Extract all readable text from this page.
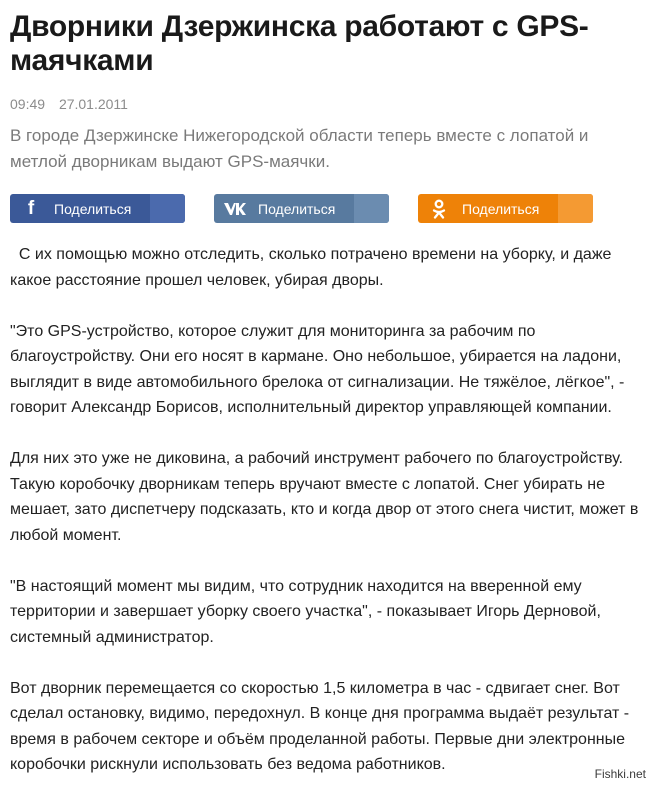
Дворники Дзержинска работают с GPS-маячками
09:49 27.01.2011
В городе Дзержинске Нижегородской области теперь вместе с лопатой и метлой дворникам выдают GPS-маячки.
f	Поделиться	Поделиться	Поделиться

С их помощью можно отследить, сколько потрачено времени на уборку, и даже какое расстояние прошел человек, убирая дворы.

"Это GPS-устройство, которое служит для мониторинга за рабочим по благоустройству. Они его носят в кармане. Оно небольшое, убирается на ладони, выглядит в виде автомобильного брелока от сигнализации. Не тяжёлое, лёгкое", - говорит Александр Борисов, исполнительный директор управляющей компании.

Для них это уже не диковина, а рабочий инструмент рабочего по благоустройству. Такую коробочку дворникам теперь вручают вместе с лопатой. Снег убирать не мешает, зато диспетчеру подсказать, кто и когда двор от этого снега чистит, может в любой момент.

"В настоящий момент мы видим, что сотрудник находится на вверенной ему территории и завершает уборку своего участка", - показывает Игорь Дерновой, системный администратор.

Вот дворник перемещается со скоростью 1,5 километра в час - сдвигает снег. Вот сделал остановку, видимо, передохнул. В конце дня программа выдаёт результат - время в рабочем секторе и объём проделанной работы. Первые дни электронные коробочки рискнули использовать без ведома работников.

Fishki.net
